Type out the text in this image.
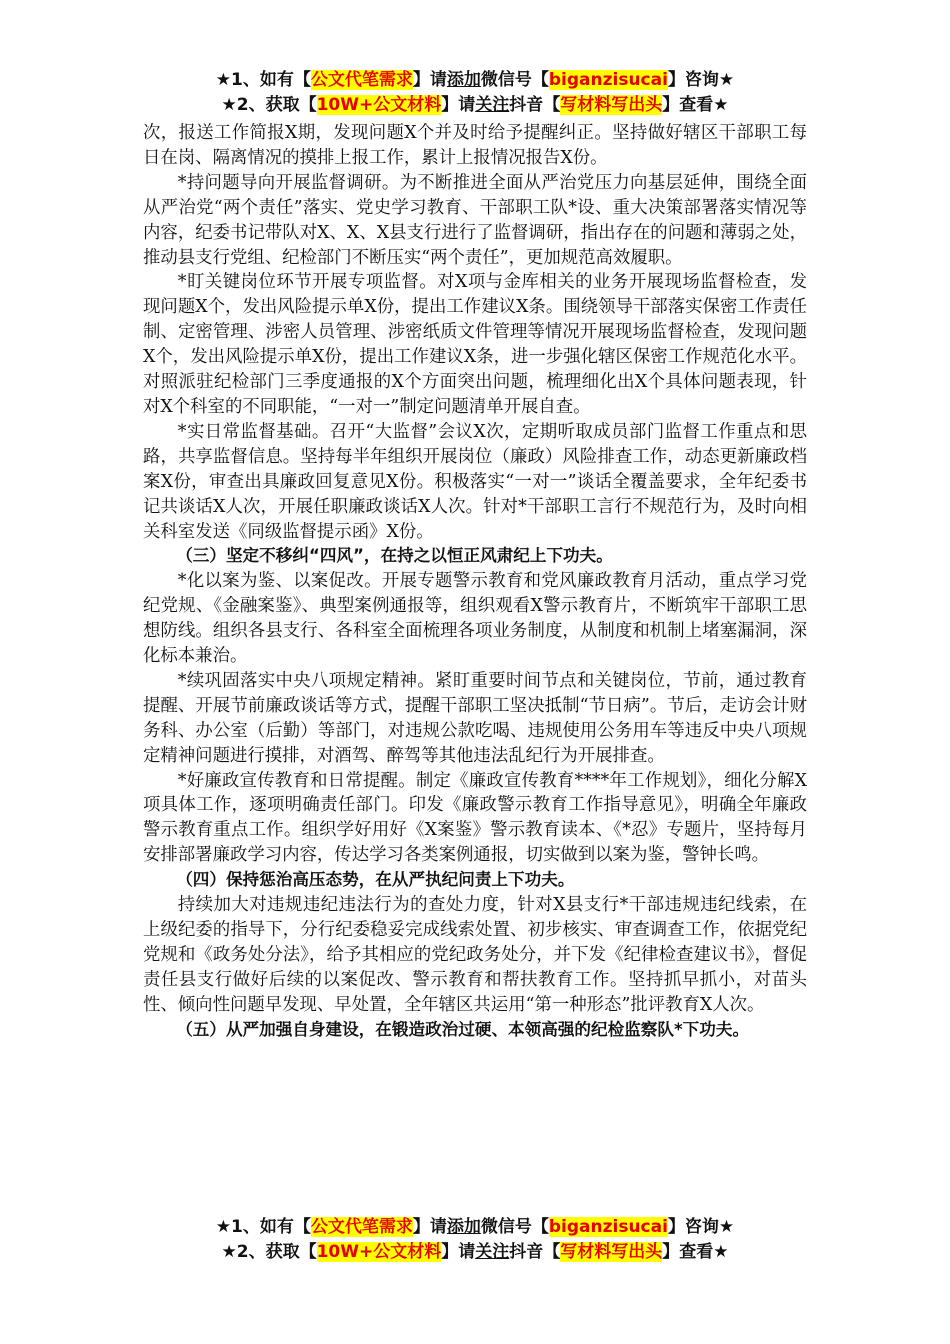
★1、如有【公文代笔需求】请添加微信号【biganzisucai】咨询★
★2、获取【10W+公文材料】请关注抖音【写材料写出头】查看★

次，报送工作简报X期，发现问题X个并及时给予提醒纠正。坚持做好辖区干部职工每日在岗、隔离情况的摸排上报工作，累计上报情况报告X份。

*持问题导向开展监督调研。为不断推进全面从严治党压力向基层延伸，围绕全面从严治党“两个责任”落实、党史学习教育、干部职工队*设、重大决策部署落实情况等内容，纪委书记带队对X、X、X县支行进行了监督调研，指出存在的问题和薄弱之处，推动县支行党组、纪检部门不断压实“两个责任”，更加规范高效履职。

*盯关键岗位环节开展专项监督。对X项与金库相关的业务开展现场监督检查，发现问题X个，发出风险提示单X份，提出工作建议X条。围绕领导干部落实保密工作责任制、定密管理、涉密人员管理、涉密纸质文件管理等情况开展现场监督检查，发现问题X个，发出风险提示单X份，提出工作建议X条，进一步强化辖区保密工作规范化水平。对照派驻纪检部门三季度通报的X个方面突出问题，梳理细化出X个具体问题表现，针对X个科室的不同职能，“一对一”制定问题清单开展自查。

*实日常监督基础。召开“大监督”会议X次，定期听取成员部门监督工作重点和思路，共享监督信息。坚持每半年组织开展岗位（廉政）风险排查工作，动态更新廉政档案X份，审查出具廉政回复意见X份。积极落实“一对一”谈话全覆盖要求，全年纪委书记共谈话X人次，开展任职廉政谈话X人次。针对*干部职工言行不规范行为，及时向相关科室发送《同级监督提示函》X份。

（三）坚定不移纠“四风”，在持之以恒正风肃纪上下功夫。

*化以案为鉴、以案促改。开展专题警示教育和党风廉政教育月活动，重点学习党纪党规、《金融案鉴》、典型案例通报等，组织观看X警示教育片，不断筑牢干部职工思想防线。组织各县支行、各科室全面梳理各项业务制度，从制度和机制上堵塞漏洞，深化标本兼治。

*续巩固落实中央八项规定精神。紧盯重要时间节点和关键岗位，节前，通过教育提醒、开展节前廉政谈话等方式，提醒干部职工坚决抵制“节日病”。节后，走访会计财务科、办公室（后勤）等部门，对违规公款吃喝、违规使用公务用车等违反中央八项规定精神问题进行摸排，对酒驾、醉驾等其他违法乱纪行为开展排查。

*好廉政宣传教育和日常提醒。制定《廉政宣传教育****年工作规划》，细化分解X项具体工作，逐项明确责任部门。印发《廉政警示教育工作指导意见》，明确全年廉政警示教育重点工作。组织学好用好《X案鉴》警示教育读本、《*忍》专题片，坚持每月安排部署廉政学习内容，传达学习各类案例通报，切实做到以案为鉴，警钟长鸣。

（四）保持惩治高压态势，在从严执纪问责上下功夫。

持续加大对违规违纪违法行为的查处力度，针对X县支行*干部违规违纪线索，在上级纪委的指导下，分行纪委稳妥完成线索处置、初步核实、审查调查工作，依据党纪党规和《政务处分法》，给予其相应的党纪政务处分，并下发《纪律检查建议书》，督促责任县支行做好后续的以案促改、警示教育和帮扶教育工作。坚持抓早抓小，对苗头性、倾向性问题早发现、早处置，全年辖区共运用“第一种形态”批评教育X人次。

（五）从严加强自身建设，在锻造政治过硬、本领高强的纪检监察队*下功夫。

★1、如有【公文代笔需求】请添加微信号【biganzisucai】咨询★
★2、获取【10W+公文材料】请关注抖音【写材料写出头】查看★
